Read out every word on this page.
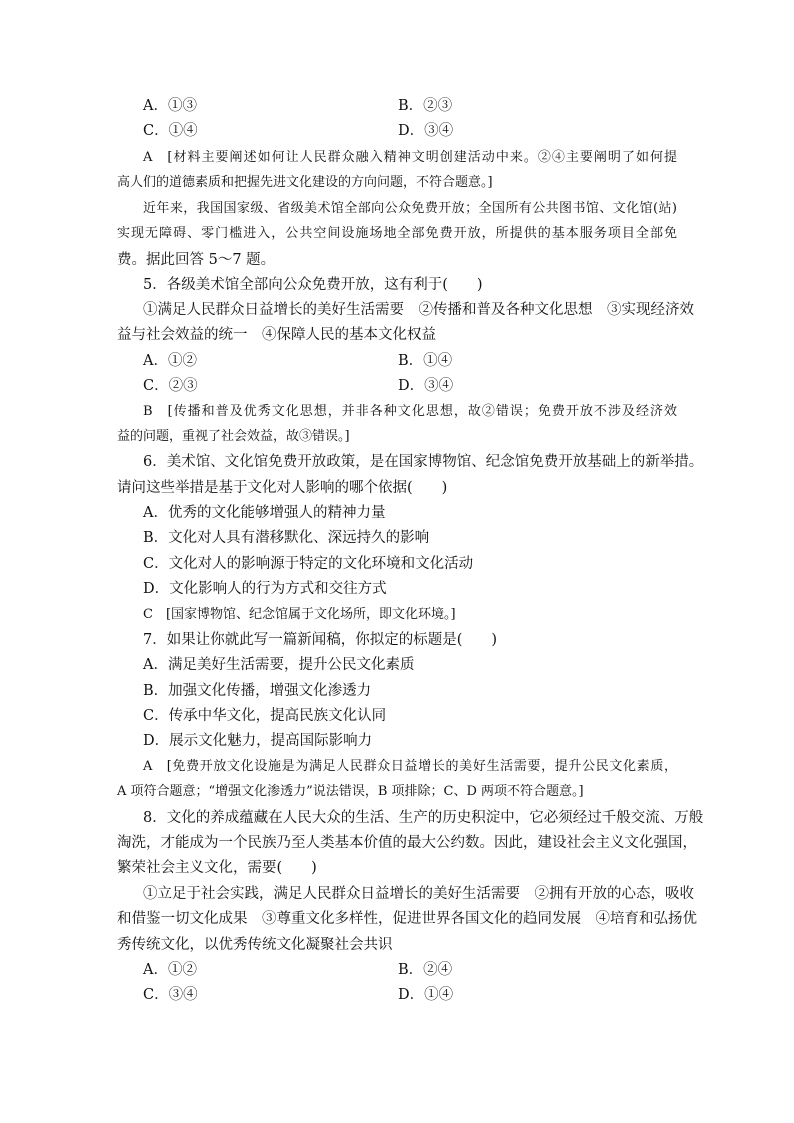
A．①③	B．②③
C．①④	D．③④
A　[材料主要阐述如何让人民群众融入精神文明创建活动中来。②④主要阐明了如何提
高人们的道德素质和把握先进文化建设的方向问题，不符合题意。]
近年来，我国国家级、省级美术馆全部向公众免费开放；全国所有公共图书馆、文化馆(站)
实现无障碍、零门槛进入，公共空间设施场地全部免费开放，所提供的基本服务项目全部免
费。据此回答 5～7 题。
5．各级美术馆全部向公众免费开放，这有利于(　　)
①满足人民群众日益增长的美好生活需要　②传播和普及各种文化思想　③实现经济效
益与社会效益的统一　④保障人民的基本文化权益
A．①②	B．①④
C．②③	D．③④
B　[传播和普及优秀文化思想，并非各种文化思想，故②错误；免费开放不涉及经济效
益的问题，重视了社会效益，故③错误。]
6．美术馆、文化馆免费开放政策，是在国家博物馆、纪念馆免费开放基础上的新举措。
请问这些举措是基于文化对人影响的哪个依据(　　)
A．优秀的文化能够增强人的精神力量
B．文化对人具有潜移默化、深远持久的影响
C．文化对人的影响源于特定的文化环境和文化活动
D．文化影响人的行为方式和交往方式
C　[国家博物馆、纪念馆属于文化场所，即文化环境。]
7．如果让你就此写一篇新闻稿，你拟定的标题是(　　)
A．满足美好生活需要，提升公民文化素质
B．加强文化传播，增强文化渗透力
C．传承中华文化，提高民族文化认同
D．展示文化魅力，提高国际影响力
A　[免费开放文化设施是为满足人民群众日益增长的美好生活需要，提升公民文化素质，
A 项符合题意；“增强文化渗透力”说法错误，B 项排除；C、D 两项不符合题意。]
8．文化的养成蕴藏在人民大众的生活、生产的历史积淀中，它必须经过千般交流、万般
淘洗，才能成为一个民族乃至人类基本价值的最大公约数。因此，建设社会主义文化强国，
繁荣社会主义文化，需要(　　)
①立足于社会实践，满足人民群众日益增长的美好生活需要　②拥有开放的心态，吸收
和借鉴一切文化成果　③尊重文化多样性，促进世界各国文化的趋同发展　④培育和弘扬优
秀传统文化，以优秀传统文化凝聚社会共识
A．①②	B．②④
C．③④	D．①④
